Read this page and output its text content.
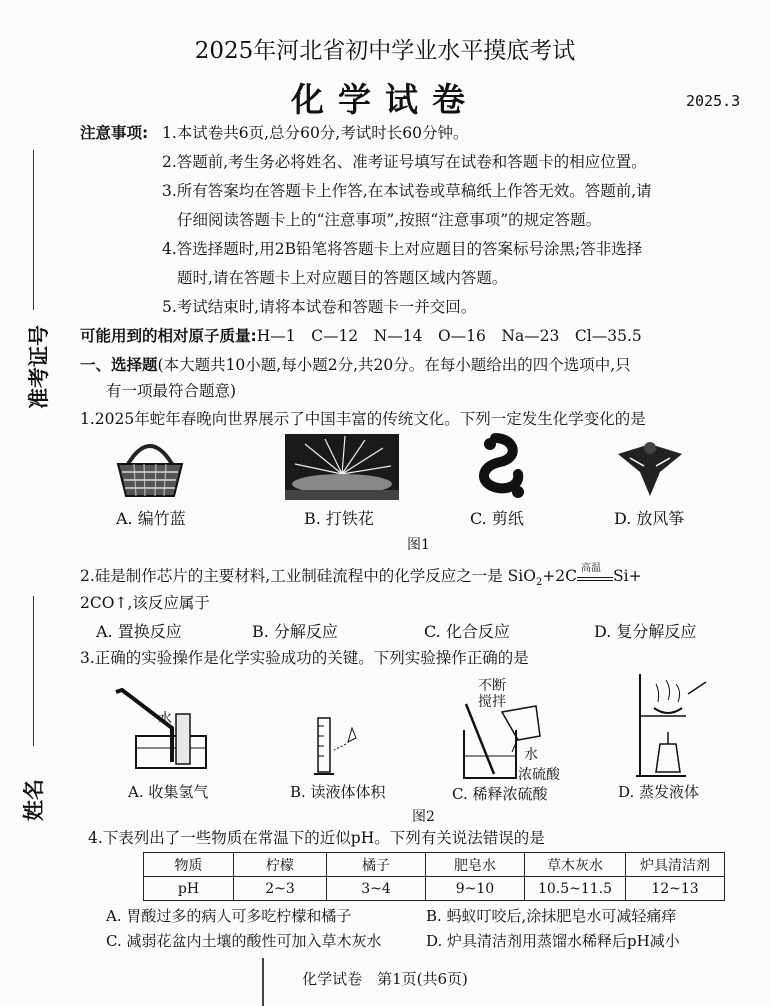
准考证号
姓名
2025年河北省初中学业水平摸底考试
化学试卷	2025.3
注意事项: 1.本试卷共6页,总分60分,考试时长60分钟。
2.答题前,考生务必将姓名、准考证号填写在试卷和答题卡的相应位置。
3.所有答案均在答题卡上作答,在本试卷或草稿纸上作答无效。答题前,请
仔细阅读答题卡上的“注意事项”,按照“注意事项”的规定答题。
4.答选择题时,用2B铅笔将答题卡上对应题目的答案标号涂黑;答非选择
题时,请在答题卡上对应题目的答题区域内答题。
5.考试结束时,请将本试卷和答题卡一并交回。
可能用到的相对原子质量:H—1　C—12　N—14　O—16　Na—23　Cl—35.5
一、选择题(本大题共10小题,每小题2分,共20分。在每小题给出的四个选项中,只
有一项最符合题意)
1.2025年蛇年春晚向世界展示了中国丰富的传统文化。下列一定发生化学变化的是
A. 编竹蓝	B. 打铁花	C. 剪纸	D. 放风筝
图1
2.硅是制作芯片的主要材料,工业制硅流程中的化学反应之一是 SiO$_2$+2C 高温 Si+
2CO↑,该反应属于
A. 置换反应	B. 分解反应	C. 化合反应	D. 复分解反应
3.正确的实验操作是化学实验成功的关键。下列实验操作正确的是
水
不断
搅拌
水
浓硫酸
A. 收集氢气	B. 读液体体积	C. 稀释浓硫酸	D. 蒸发液体
图2
4.下表列出了一些物质在常温下的近似pH。下列有关说法错误的是
物质	柠檬	橘子	肥皂水	草木灰水	炉具清洁剂
pH	2~3	3~4	9~10	10.5~11.5	12~13
A. 胃酸过多的病人可多吃柠檬和橘子	B. 蚂蚁叮咬后,涂抹肥皂水可减轻痛痒
C. 减弱花盆内土壤的酸性可加入草木灰水	D. 炉具清洁剂用蒸馏水稀释后pH减小
化学试卷　第1页(共6页)
